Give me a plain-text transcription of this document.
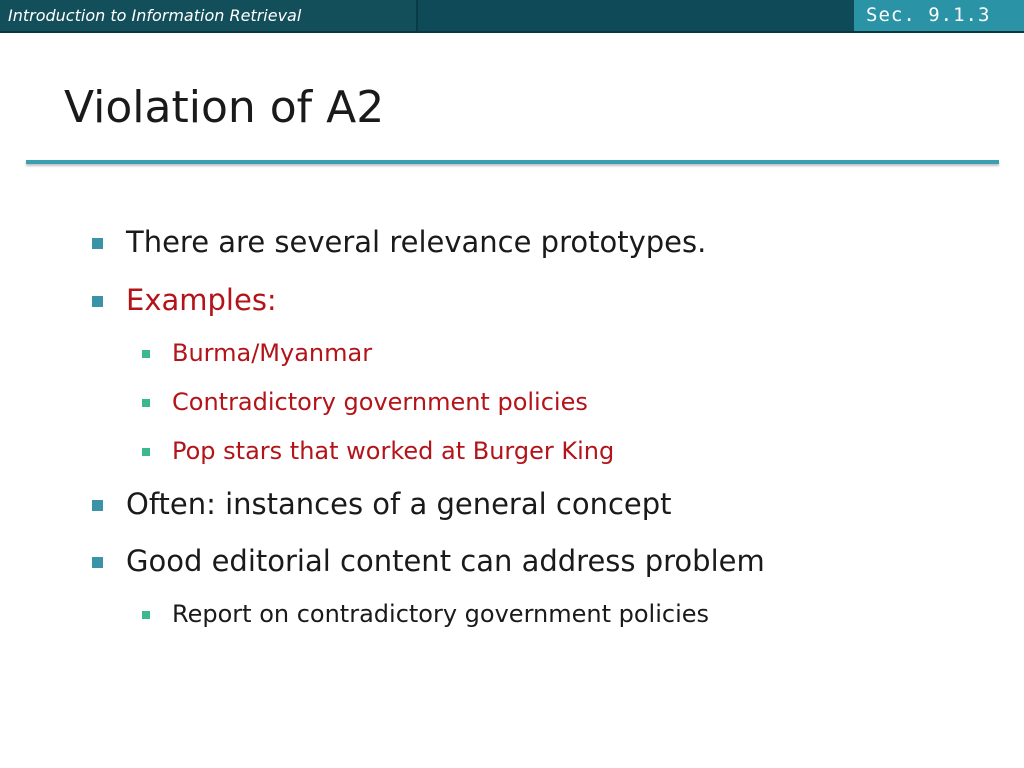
Introduction to Information Retrieval	Sec. 9.1.3
Violation of A2
There are several relevance prototypes.
Examples:
Burma/Myanmar
Contradictory government policies
Pop stars that worked at Burger King
Often: instances of a general concept
Good editorial content can address problem
Report on contradictory government policies
